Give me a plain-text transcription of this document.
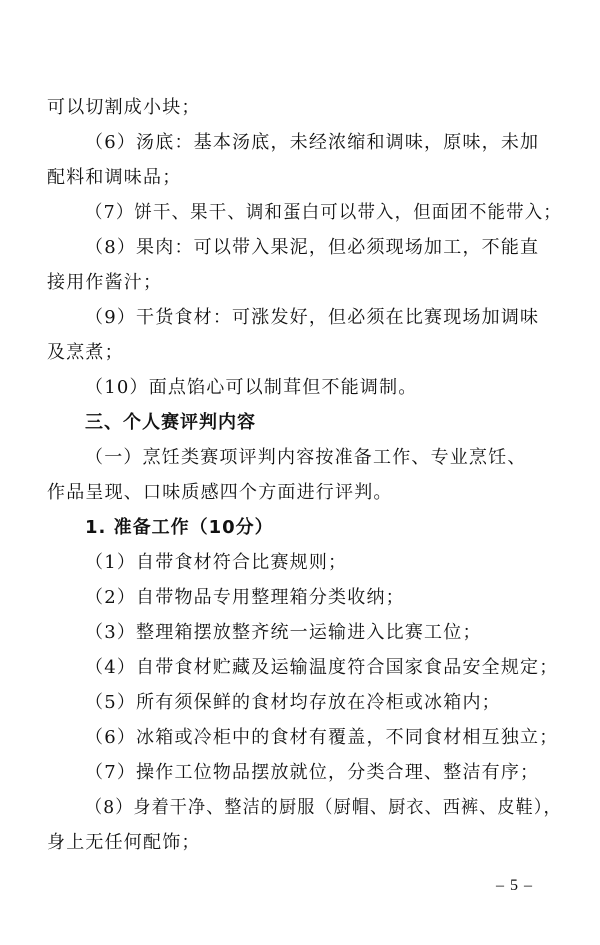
可以切割成小块；
（6）汤底：基本汤底，未经浓缩和调味，原味，未加
配料和调味品；
（7）饼干、果干、调和蛋白可以带入，但面团不能带入；
（8）果肉：可以带入果泥，但必须现场加工，不能直
接用作酱汁；
（9）干货食材：可涨发好，但必须在比赛现场加调味
及烹煮；
（10）面点馅心可以制茸但不能调制。
三、个人赛评判内容
（一）烹饪类赛项评判内容按准备工作、专业烹饪、
作品呈现、口味质感四个方面进行评判。
1. 准备工作（10分）
（1）自带食材符合比赛规则；
（2）自带物品专用整理箱分类收纳；
（3）整理箱摆放整齐统一运输进入比赛工位；
（4）自带食材贮藏及运输温度符合国家食品安全规定；
（5）所有须保鲜的食材均存放在冷柜或冰箱内；
（6）冰箱或冷柜中的食材有覆盖，不同食材相互独立；
（7）操作工位物品摆放就位，分类合理、整洁有序；
（8）身着干净、整洁的厨服（厨帽、厨衣、西裤、皮鞋），
身上无任何配饰；
– 5 –
